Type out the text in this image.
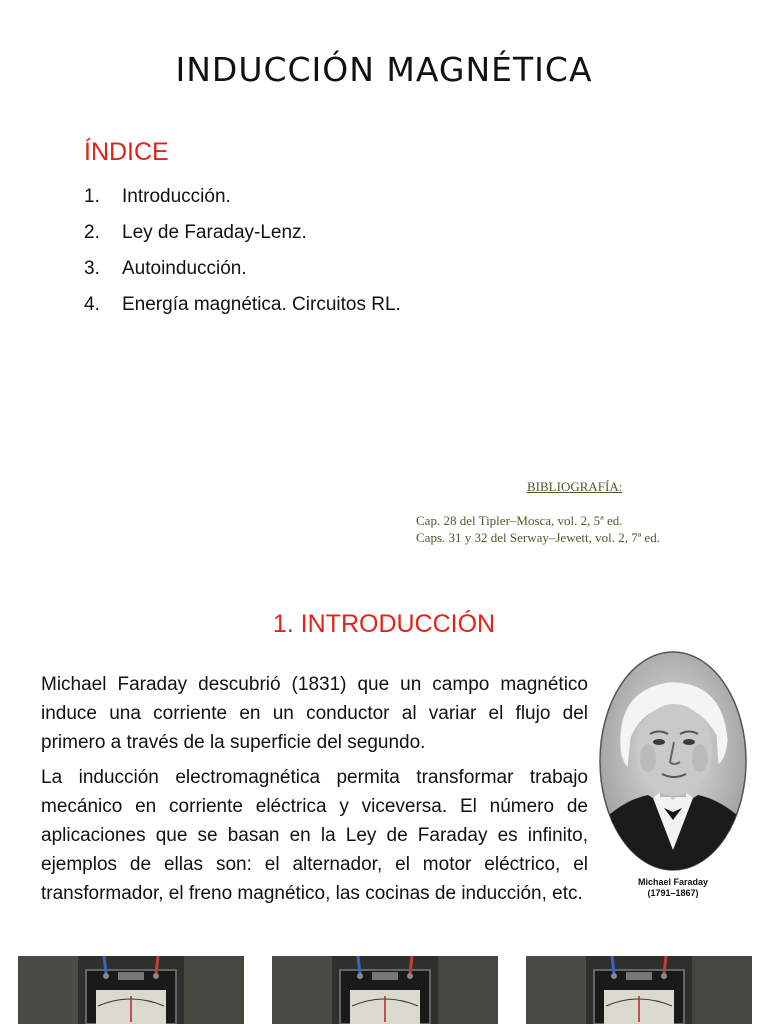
INDUCCIÓN MAGNÉTICA
ÍNDICE
1.	Introducción.
2.	Ley de Faraday-Lenz.
3.	Autoinducción.
4.	Energía magnética. Circuitos RL.
BIBLIOGRAFÍA:
Cap. 28 del Tipler–Mosca, vol. 2, 5ª ed.
Caps. 31 y 32 del Serway–Jewett, vol. 2, 7ª ed.
1. INTRODUCCIÓN

Michael Faraday descubrió (1831) que un campo magnético induce una corriente en un conductor al variar el flujo del primero a través de la superficie del segundo.

La inducción electromagnética permita transformar trabajo mecánico en corriente eléctrica y viceversa. El número de aplicaciones que se basan en la Ley de Faraday es infinito, ejemplos de ellas son: el alternador, el motor eléctrico, el transformador, el freno magnético, las cocinas de inducción, etc.

Michael Faraday
(1791–1867)
